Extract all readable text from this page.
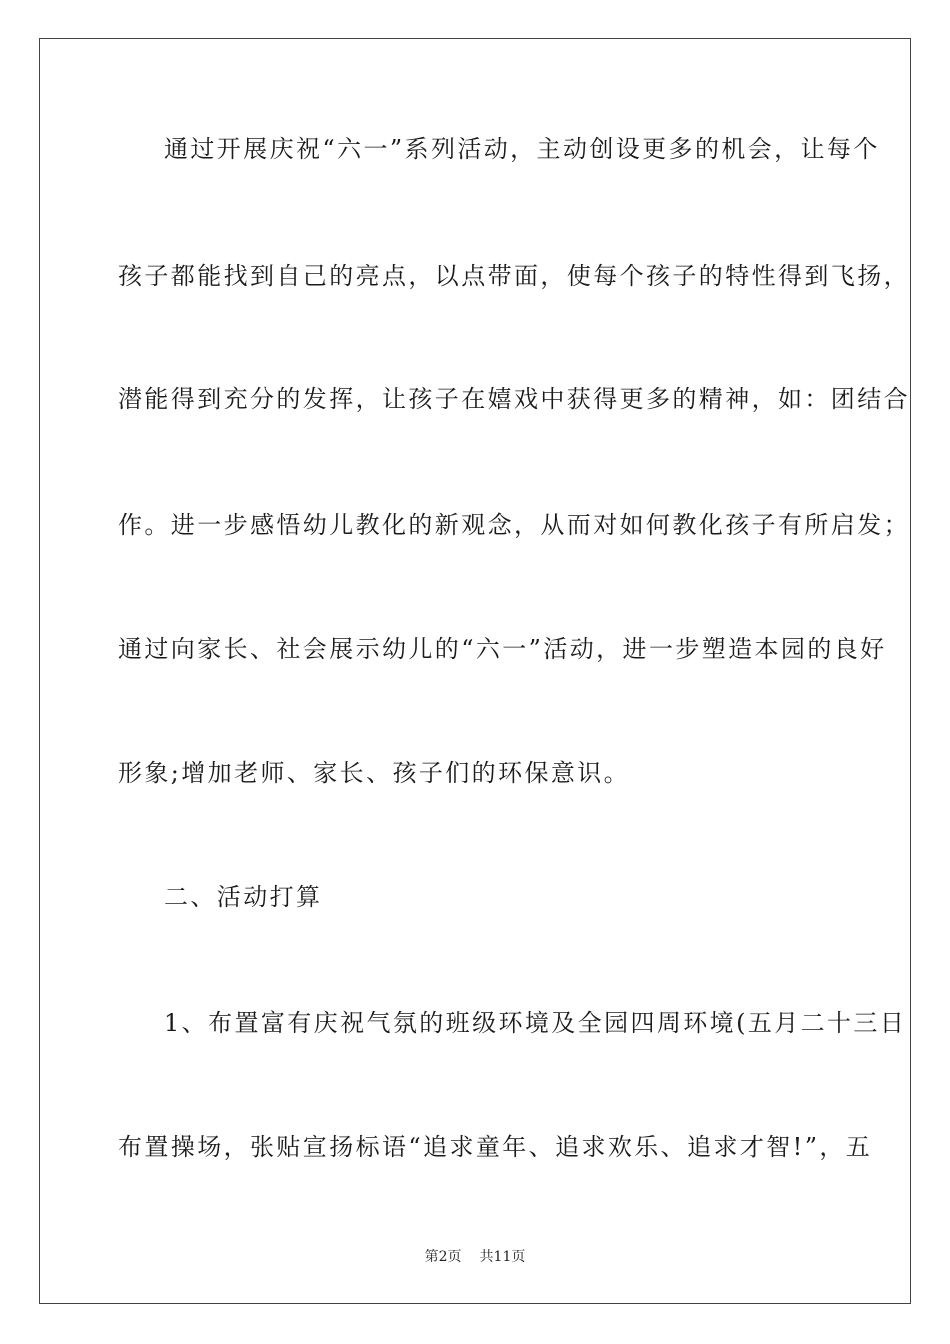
通过开展庆祝“六一”系列活动，主动创设更多的机会，让每个
孩子都能找到自己的亮点，以点带面，使每个孩子的特性得到飞扬，
潜能得到充分的发挥，让孩子在嬉戏中获得更多的精神，如：团结合
作。进一步感悟幼儿教化的新观念，从而对如何教化孩子有所启发；
通过向家长、社会展示幼儿的“六一”活动，进一步塑造本园的良好
形象;增加老师、家长、孩子们的环保意识。
二、活动打算
1、布置富有庆祝气氛的班级环境及全园四周环境(五月二十三日
布置操场，张贴宣扬标语“追求童年、追求欢乐、追求才智!”，五
第2页 共11页
